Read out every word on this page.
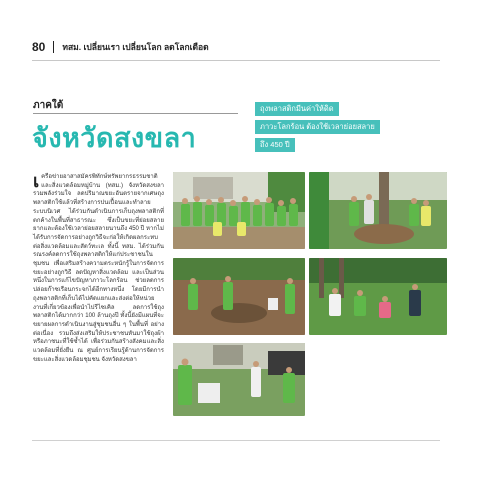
80 ทสม. เปลี่ยนเรา เปลี่ยนโลก ลดโลกเดือด
ภาคใต้
จังหวัดสงขลา
ถุงพลาสติกมีนค่าให้ดิด
ภาวะโลกร้อน ต้องใช้เวลาย่อยสลาย
ถึง 450 ปี
เ ครือข่ายอาสาสมัครพิทักษ์ทรัพยากรธรรมชาติและสิ่งแวดล้อมหมู่บ้าน (ทสม.) จังหวัดสงขลา รวมพลังร่วมใจ ลดปริมาณขยะอันตรายจากเศษถุงพลาสติกใช้แล้วที่สร้างการปนเปื้อนและทำลายระบบนิเวศ ได้ร่วมกันดำเนินการเก็บถุงพลาสติกที่ตกค้างในพื้นที่สาธารณะ ซึ่งเป็นขยะที่ย่อยสลายยากและต้องใช้เวลาย่อยสลายนานถึง 450 ปี หากไม่ได้รับการจัดการอย่างถูกวิธีจะก่อให้เกิดผลกระทบต่อสิ่งแวดล้อมและสัตว์ทะเล ทั้งนี้ ทสม. ได้ร่วมกันรณรงค์ลดการใช้ถุงพลาสติกให้แก่ประชาชนในชุมชน เพื่อเสริมสร้างความตระหนักรู้ในการจัดการขยะอย่างถูกวิธี ลดปัญหาสิ่งแวดล้อม และเป็นส่วนหนึ่งในการแก้ไขปัญหาภาวะโลกร้อน ช่วยลดการปล่อยก๊าซเรือนกระจกได้อีกทางหนึ่ง โดยมีการนำถุงพลาสติกที่เก็บได้ไปคัดแยกและส่งต่อให้หน่วยงานที่เกี่ยวข้องเพื่อนำไปรีไซเคิล ลดการใช้ถุงพลาสติกได้มากกว่า 100 ล้านถุงปี ทั้งนี้ยังมีแผนที่จะขยายผลการดำเนินงานสู่ชุมชนอื่น ๆ ในพื้นที่ อย่างต่อเนื่อง รวมถึงส่งเสริมให้ประชาชนหันมาใช้ถุงผ้าหรือภาชนะที่ใช้ซ้ำได้ เพื่อร่วมกันสร้างสังคมและสิ่งแวดล้อมที่ยั่งยืน ณ ศูนย์การเรียนรู้ด้านการจัดการขยะและสิ่งแวดล้อมชุมชน จังหวัดสงขลา
